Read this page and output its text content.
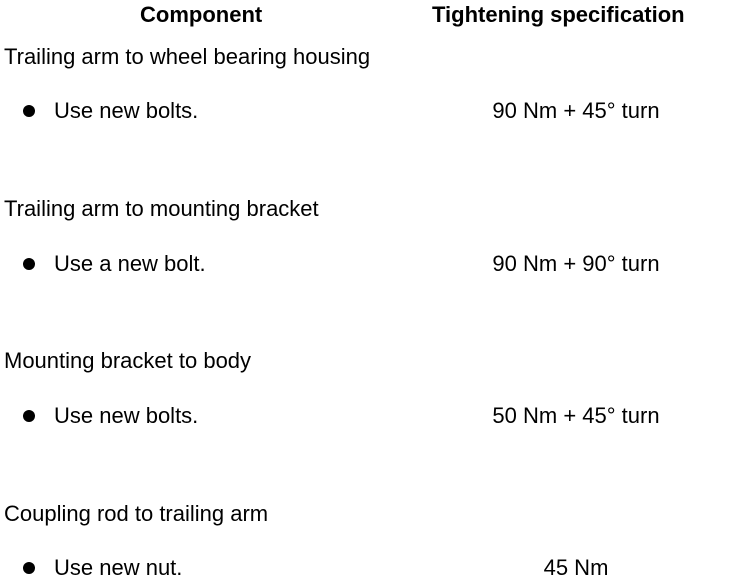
Component	Tightening specification
Trailing arm to wheel bearing housing
Use new bolts.	90 Nm + 45° turn
Trailing arm to mounting bracket
Use a new bolt.	90 Nm + 90° turn
Mounting bracket to body
Use new bolts.	50 Nm + 45° turn
Coupling rod to trailing arm
Use new nut.	45 Nm
